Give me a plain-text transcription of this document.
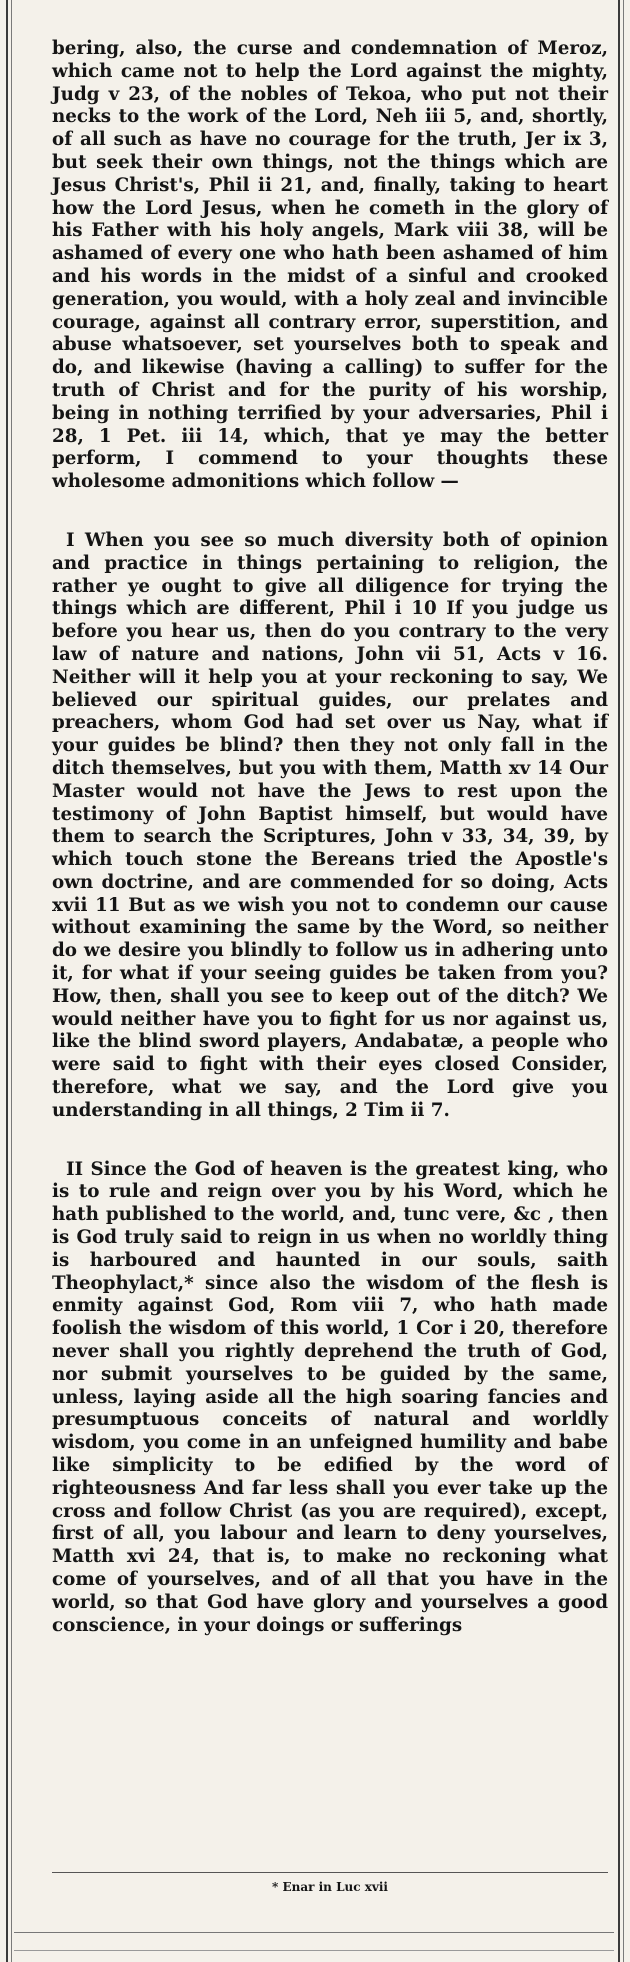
bering, also, the curse and condemnation of Meroz, which came not to help the Lord against the mighty, Judg v 23, of the nobles of Tekoa, who put not their necks to the work of the Lord, Neh iii 5, and, shortly, of all such as have no courage for the truth, Jer ix 3, but seek their own things, not the things which are Jesus Christ's, Phil ii 21, and, finally, taking to heart how the Lord Jesus, when he cometh in the glory of his Father with his holy angels, Mark viii 38, will be ashamed of every one who hath been ashamed of him and his words in the midst of a sinful and crooked generation, you would, with a holy zeal and invincible courage, against all contrary error, superstition, and abuse whatsoever, set yourselves both to speak and do, and likewise (having a calling) to suffer for the truth of Christ and for the purity of his worship, being in nothing terrified by your adversaries, Phil i 28, 1 Pet. iii 14, which, that ye may the better perform, I commend to your thoughts these wholesome admonitions which follow —

I When you see so much diversity both of opinion and practice in things pertaining to religion, the rather ye ought to give all diligence for trying the things which are different, Phil i 10 If you judge us before you hear us, then do you contrary to the very law of nature and nations, John vii 51, Acts v 16. Neither will it help you at your reckoning to say, We believed our spiritual guides, our prelates and preachers, whom God had set over us Nay, what if your guides be blind? then they not only fall in the ditch themselves, but you with them, Matth xv 14 Our Master would not have the Jews to rest upon the testimony of John Baptist himself, but would have them to search the Scriptures, John v 33, 34, 39, by which touch stone the Bereans tried the Apostle's own doctrine, and are commended for so doing, Acts xvii 11 But as we wish you not to condemn our cause without examining the same by the Word, so neither do we desire you blindly to follow us in adhering unto it, for what if your seeing guides be taken from you? How, then, shall you see to keep out of the ditch? We would neither have you to fight for us nor against us, like the blind sword players, Andabatæ, a people who were said to fight with their eyes closed Consider, therefore, what we say, and the Lord give you understanding in all things, 2 Tim ii 7.

II Since the God of heaven is the greatest king, who is to rule and reign over you by his Word, which he hath published to the world, and, tunc vere, &c , then is God truly said to reign in us when no worldly thing is harboured and haunted in our souls, saith Theophylact,* since also the wisdom of the flesh is enmity against God, Rom viii 7, who hath made foolish the wisdom of this world, 1 Cor i 20, therefore never shall you rightly deprehend the truth of God, nor submit yourselves to be guided by the same, unless, laying aside all the high soaring fancies and presumptuous conceits of natural and worldly wisdom, you come in an unfeigned humility and babe like simplicity to be edified by the word of righteousness And far less shall you ever take up the cross and follow Christ (as you are required), except, first of all, you labour and learn to deny yourselves, Matth xvi 24, that is, to make no reckoning what come of yourselves, and of all that you have in the world, so that God have glory and yourselves a good conscience, in your doings or sufferings

* Enar in Luc xvii
